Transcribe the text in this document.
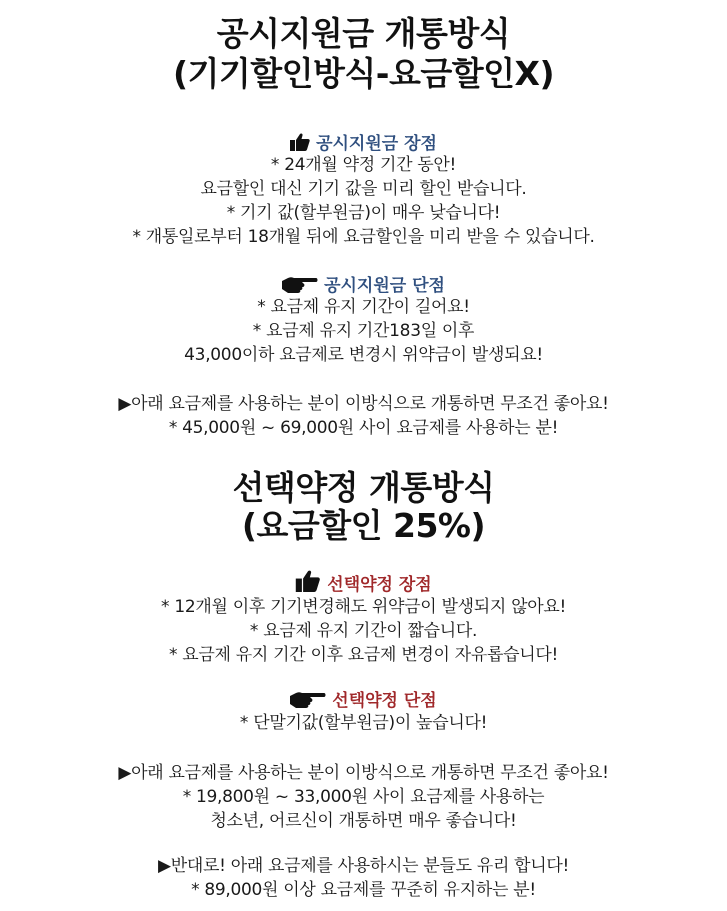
공시지원금 개통방식
(기기할인방식-요금할인X)
공시지원금 장점
* 24개월 약정 기간 동안!
요금할인 대신 기기 값을 미리 할인 받습니다.
* 기기 값(할부원금)이 매우 낮습니다!
* 개통일로부터 18개월 뒤에 요금할인을 미리 받을 수 있습니다.
공시지원금 단점
* 요금제 유지 기간이 길어요!
* 요금제 유지 기간183일 이후
43,000이하 요금제로 변경시 위약금이 발생되요!
▶아래 요금제를 사용하는 분이 이방식으로 개통하면 무조건 좋아요!
* 45,000원 ~ 69,000원 사이 요금제를 사용하는 분!
선택약정 개통방식
(요금할인 25%)
선택약정 장점
* 12개월 이후 기기변경해도 위약금이 발생되지 않아요!
* 요금제 유지 기간이 짧습니다.
* 요금제 유지 기간 이후 요금제 변경이 자유롭습니다!
선택약정 단점
* 단말기값(할부원금)이 높습니다!
▶아래 요금제를 사용하는 분이 이방식으로 개통하면 무조건 좋아요!
* 19,800원 ~ 33,000원 사이 요금제를 사용하는
청소년, 어르신이 개통하면 매우 좋습니다!
▶반대로! 아래 요금제를 사용하시는 분들도 유리 합니다!
* 89,000원 이상 요금제를 꾸준히 유지하는 분!
